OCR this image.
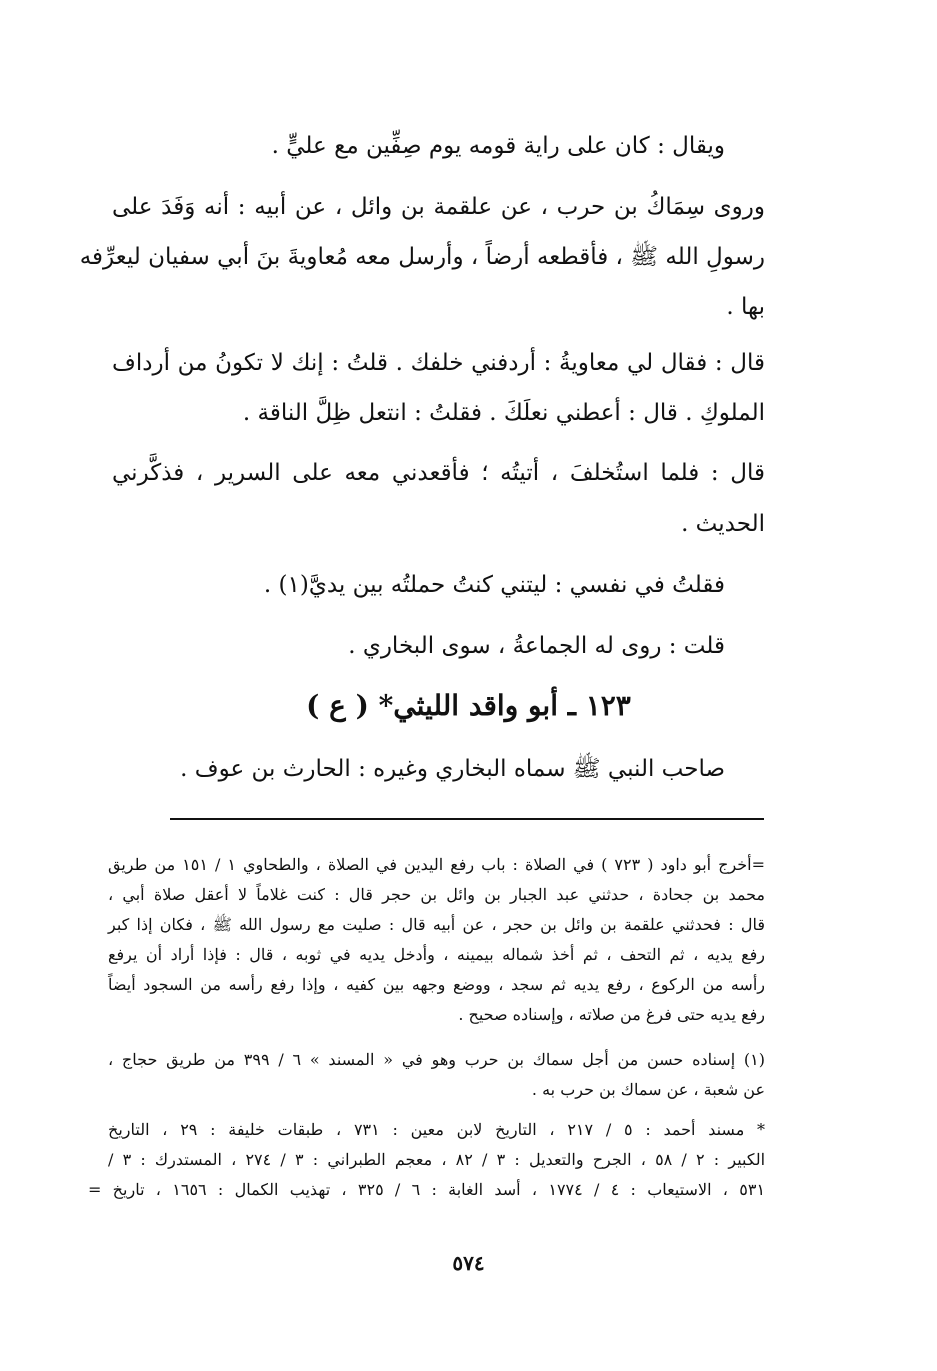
ويقال : كان على راية قومه يوم صِفِّين مع عليٍّ .
وروى سِمَاكُ بن حرب ، عن علقمة بن وائل ، عن أبيه : أنه وَفَدَ على
رسولِ الله ﷺ ، فأقطعه أرضاً ، وأرسل معه مُعاويةَ بنَ أبي سفيان ليعرِّفه
بها .
قال : فقال لي معاويةُ : أردفني خلفك . قلتُ : إنك لا تكونُ من أرداف
الملوكِ . قال : أعطني نعلَكَ . فقلتُ : انتعل ظِلَّ الناقة .
قال : فلما استُخلفَ ، أتيتُه ؛ فأقعدني معه على السرير ، فذكَّرني
الحديث .
فقلتُ في نفسي : ليتني كنتُ حملتُه بين يديَّ(١) .
قلت : روى له الجماعةُ ، سوى البخاري .
١٢٣ ـ أبو واقد الليثي* ( ع )
صاحب النبي ﷺ سماه البخاري وغيره : الحارث بن عوف .
=أخرج أبو داود ( ٧٢٣ ) في الصلاة : باب رفع اليدين في الصلاة ، والطحاوي ١ / ١٥١ من طريق
محمد بن جحادة ، حدثني عبد الجبار بن وائل بن حجر قال : كنت غلاماً لا أعقل صلاة أبي ،
قال : فحدثني علقمة بن وائل بن حجر ، عن أبيه قال : صليت مع رسول الله ﷺ ، فكان إذا كبر
رفع يديه ، ثم التحف ، ثم أخذ شماله بيمينه ، وأدخل يديه في ثوبه ، قال : فإذا أراد أن يرفع
رأسه من الركوع ، رفع يديه ثم سجد ، ووضع وجهه بين كفيه ، وإذا رفع رأسه من السجود أيضاً
رفع يديه حتى فرغ من صلاته ، وإسناده صحيح .
(١) إسناده حسن من أجل سماك بن حرب وهو في « المسند » ٦ / ٣٩٩ من طريق حجاج ،
عن شعبة ، عن سماك بن حرب به .
* مسند أحمد : ٥ / ٢١٧ ، التاريخ لابن معين : ٧٣١ ، طبقات خليفة : ٢٩ ، التاريخ
الكبير : ٢ / ٥٨ ، الجرح والتعديل : ٣ / ٨٢ ، معجم الطبراني : ٣ / ٢٧٤ ، المستدرك : ٣ /
٥٣١ ، الاستيعاب : ٤ / ١٧٧٤ ، أسد الغابة : ٦ / ٣٢٥ ، تهذيب الكمال : ١٦٥٦ ، تاريخ =
٥٧٤
